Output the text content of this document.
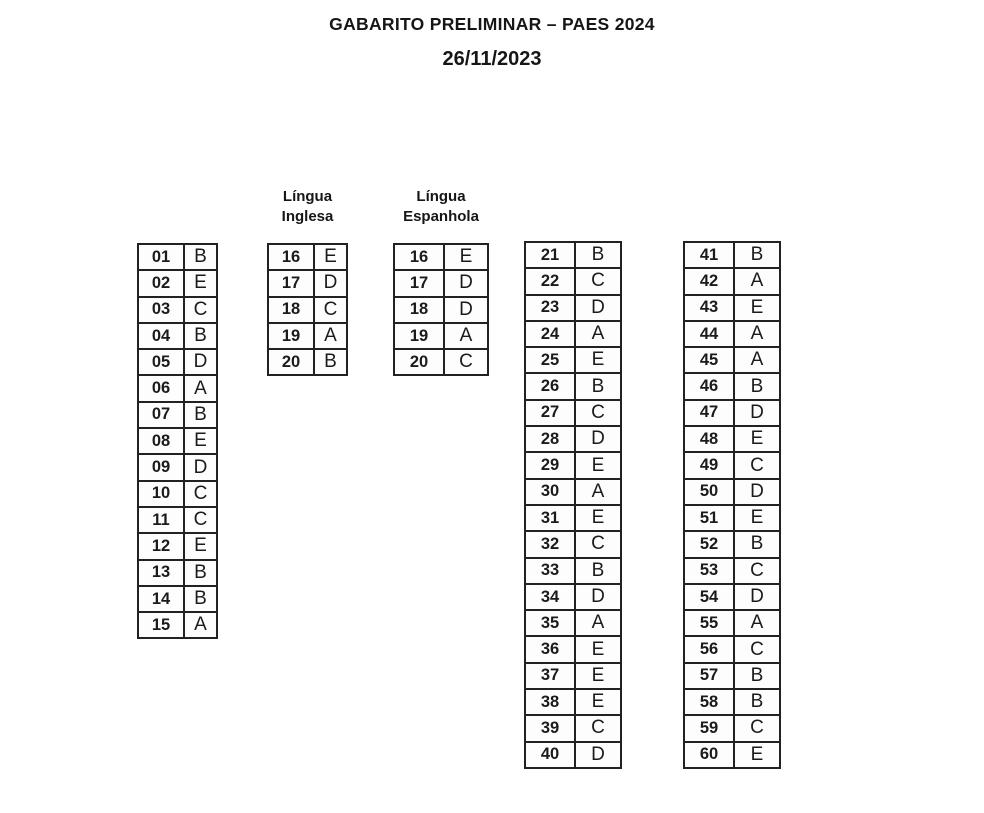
GABARITO PRELIMINAR – PAES 2024
26/11/2023
01	B
02	E
03	C
04	B
05	D
06	A
07	B
08	E
09	D
10	C
11	C
12	E
13	B
14	B
15	A
Língua
Inglesa
16	E
17	D
18	C
19	A
20	B
Língua
Espanhola
16	E
17	D
18	D
19	A
20	C
21	B
22	C
23	D
24	A
25	E
26	B
27	C
28	D
29	E
30	A
31	E
32	C
33	B
34	D
35	A
36	E
37	E
38	E
39	C
40	D
41	B
42	A
43	E
44	A
45	A
46	B
47	D
48	E
49	C
50	D
51	E
52	B
53	C
54	D
55	A
56	C
57	B
58	B
59	C
60	E
